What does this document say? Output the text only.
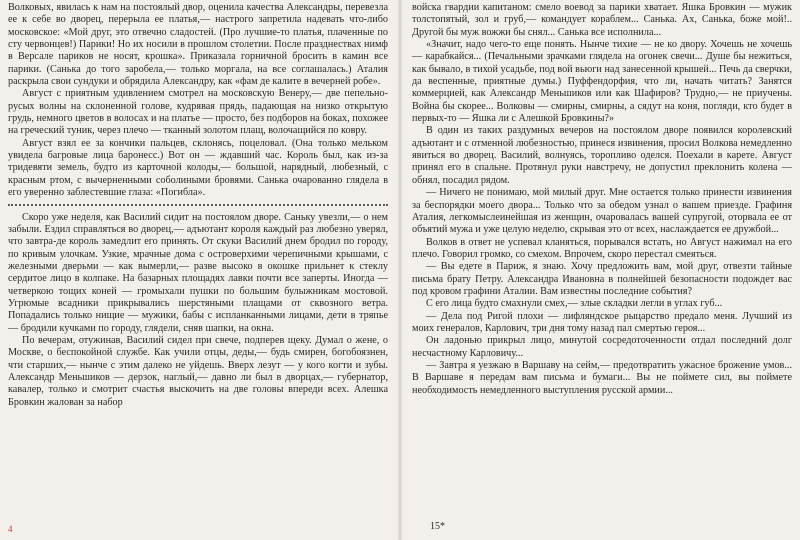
Волковых, явилась к нам на постоялый двор, оценила качества Александры, перевезла ее к себе во дворец, перерыла ее платья,— настрого запретила надевать что-либо московское: «Мой друг, это отвечно сладостей. (Про лучшие-то платья, плаченные по сту червонцев!) Парики! Но их носили в прошлом столетии. После празднествах нимф в Версале париков не носят, крошка». Приказала горничной бросить в камин все парики. (Санька до того заробела,— только моргала, на все соглашалась.) Аталия раскрыла свои сундуки и обрядила Александру, как «фам де калите в вечерней робе».

Август с приятным удивлением смотрел на московскую Венеру,— две пепельно-русых волны на склоненной голове, кудрявая прядь, падающая на низко открытую грудь, немного цветов в волосах и на платье — просто, без подборов на боках, похожее на греческий туник, через плечо — тканный золотом плащ, волочащийся по ковру.

Август взял ее за кончики пальцев, склонясь, поцеловал. (Она только мельком увидела багровые лица баронесс.) Вот он — ждавший час. Король был, как из-за тридевяти земель, будто из карточной колоды,— большой, нарядный, любезный, с красным ртом, с вычерненными соболиными бровями. Санька очарованно глядела в его уверенно заблестевшие глаза: «Погибла».

Скоро уже неделя, как Василий сидит на постоялом дворе. Саньку увезли,— о нем забыли. Ездил справляться во дворец,— адъютант короля каждый раз любезно уверял, что завтра-де король замедлит его принять. От скуки Василий днем бродил по городу, по кривым улочкам. Узкие, мрачные дома с островерхими черепичными крышами, с железными дверьми — как вымерли,— разве высоко в окошке прильнет к стеклу сердитое лицо в колпаке. На базарных площадях лавки почти все заперты. Иногда — четверкою тощих коней — громыхали пушки по большим булыжникам мостовой. Угрюмые всадники прикрывались шерстяными плащами от сквозного ветра. Попадались только нищие — мужики, бабы с испланканными лицами, дети в тряпье — бродили кучками по городу, глядели, сняв шапки, на окна.

По вечерам, отужинав, Василий сидел при свече, подперев щеку. Думал о жене, о Москве, о беспокойной службе. Как учили отцы, деды,— будь смирен, богобоязнен, чти старших,— нынче с этим далеко не уйдешь. Вверх лезут — у кого когти и зубы. Александр Меньшиков — дерзок, наглый,— давно ли был в дворцах,— губернатор, кавалер, только и смотрит счастья выскочить на две головы впереди всех. Алешка Бровкин жалован за набор

4

войска гвардии капитаном: смело воевод за парики хватает. Яшка Бровкин — мужик толстопятый, зол и груб,— командует кораблем... Санька. Ах, Санька, боже мой!.. Другой бы муж вожжи бы снял... Санька все исполнила...

«Значит, надо чего-то еще понять. Нынче тихие — не ко двору. Хочешь не хочешь — карабкайся... (Печальными зрачками глядела на огонек свечи... Душе бы нежиться, как бывало, в тихой усадьбе, под вой вьюги над занесенной крышей... Печь да сверчки, да веспенные, приятные думы.) Пуффендорфия, что ли, начать читать? Занятся коммерцией, как Александр Меньшиков или как Шафиров? Трудно,— не приучены. Война бы скорее... Волковы — смирны, смирны, а сядут на коня, погляди, кто будет в первых-то — Яшка ли с Алешкой Бровкины?»

В один из таких раздумных вечеров на постоялом дворе появился королевский адъютант и с отменной любезностью, принеся извинения, просил Волкова немедленно явиться во дворец. Василий, волнуясь, торопливо оделся. Поехали в карете. Август принял его в спальне. Протянул руки навстречу, не допустил преклонить колена — обнял, посадил рядом.

— Ничего не понимаю, мой милый друг. Мне остается только принести извинения за беспорядки моего двора... Только что за обедом узнал о вашем приезде. Графиня Аталия, легкомыслеинейшая из женщин, очаровалась вашей супругой, оторвала ее от объятий мужа и уже целую неделю, скрывая это от всех, наслаждается ее дружбой...

Волков в ответ не успевал кланяться, порывался встать, но Август нажимал на его плечо. Говорил громко, со смехом. Впрочем, скоро перестал смеяться.

— Вы едете в Париж, я знаю. Хочу предложить вам, мой друг, отвезти тайные письма брату Петру. Александра Ивановна в полнейшей безопасности подождет вас под кровом графини Аталии. Вам известны последние события?

С его лица будто смахнули смех,— злые складки легли в углах губ...

— Дела под Ригой плохи — лифляндское рыцарство предало меня. Лучший из моих генералов, Карлович, три дня тому назад пал смертью героя...

Он ладонью прикрыл лицо, минутой сосредоточенности отдал последний долг несчастному Карловичу...

— Завтра я уезжаю в Варшаву на сейм,— предотвратить ужасное брожение умов... В Варшаве я передам вам письма и бумаги... Вы не поймете сил, вы поймете необходимость немедленного выступления русской армии...

15*
